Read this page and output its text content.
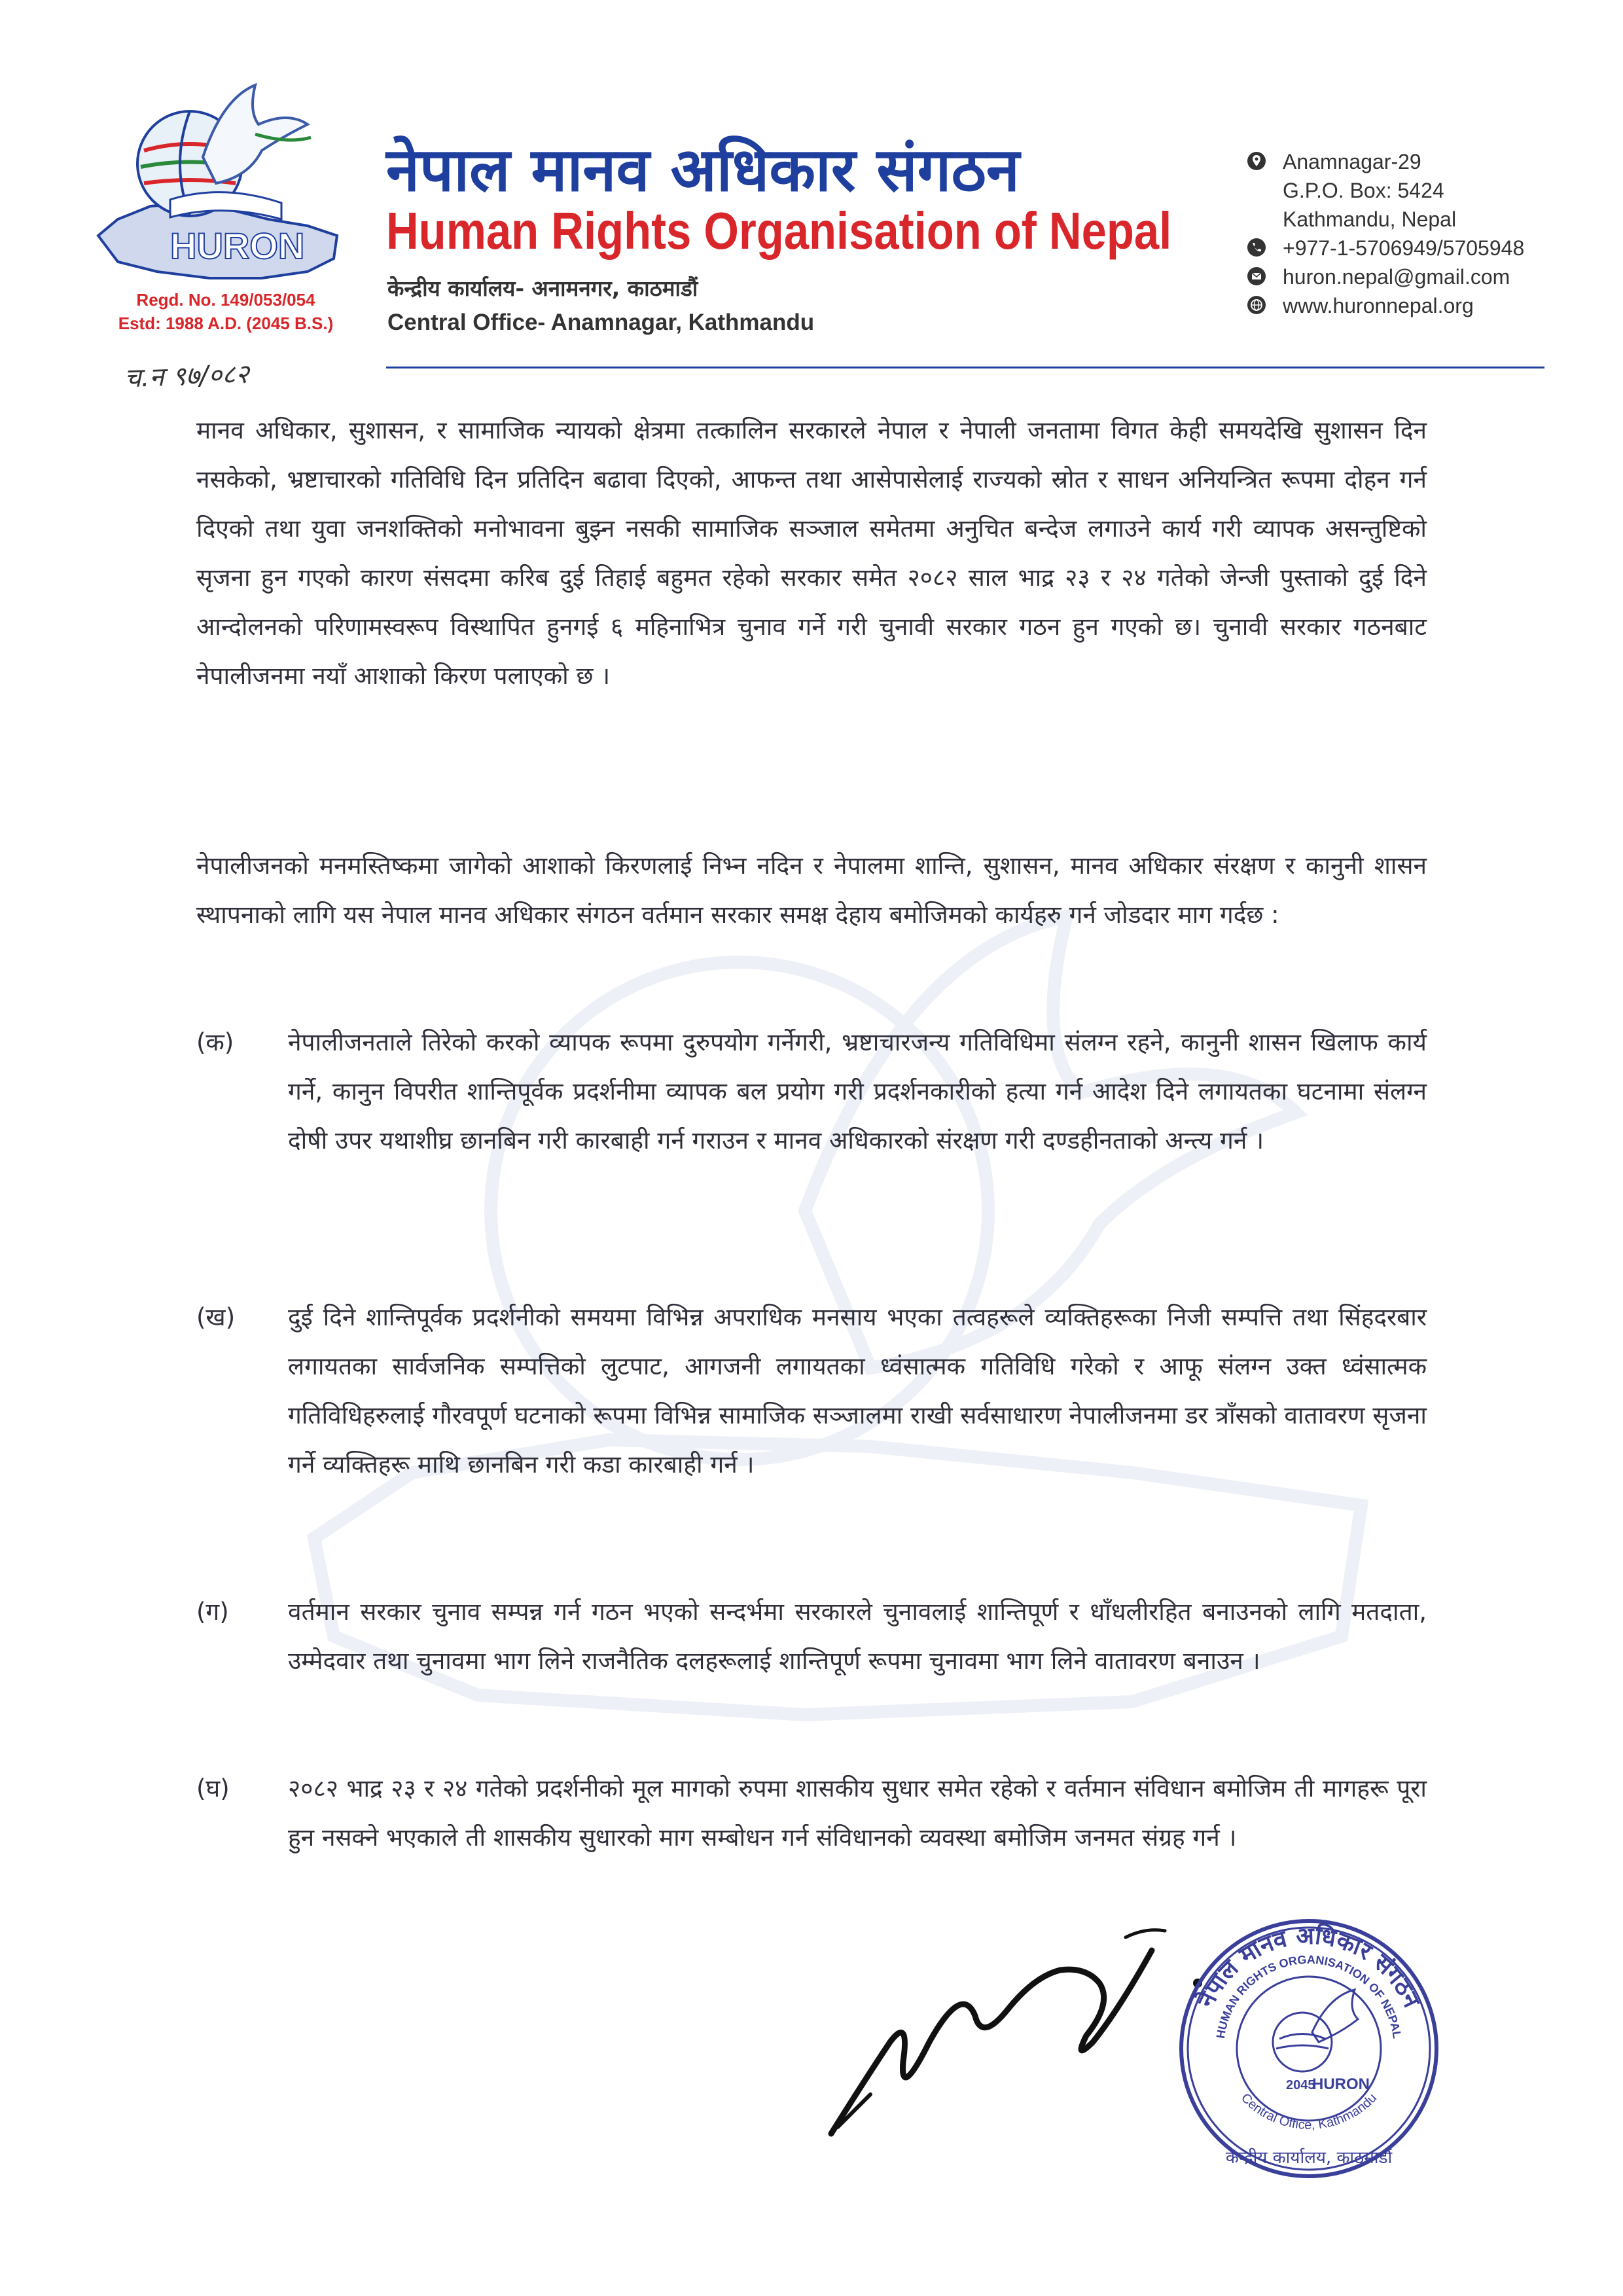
HURON
Regd. No. 149/053/054
Estd: 1988 A.D. (2045 B.S.)
नेपाल मानव अधिकार संगठन
Human Rights Organisation of Nepal
केन्द्रीय कार्यालय- अनामनगर, काठमाडौं
Central Office- Anamnagar, Kathmandu
Anamnagar-29
G.P.O. Box: 5424
Kathmandu, Nepal
+977-1-5706949/5705948
huron.nepal@gmail.com
www.huronnepal.org
च.न ९७/०८२
मानव अधिकार, सुशासन, र सामाजिक न्यायको क्षेत्रमा तत्कालिन सरकारले नेपाल र नेपाली जनतामा विगत केही समयदेखि सुशासन दिन नसकेको, भ्रष्टाचारको गतिविधि दिन प्रतिदिन बढावा दिएको, आफन्त तथा आसेपासेलाई राज्यको स्रोत र साधन अनियन्त्रित रूपमा दोहन गर्न दिएको तथा युवा जनशक्तिको मनोभावना बुझ्न नसकी सामाजिक सञ्जाल समेतमा अनुचित बन्देज लगाउने कार्य गरी व्यापक असन्तुष्टिको सृजना हुन गएको कारण संसदमा करिब दुई तिहाई बहुमत रहेको सरकार समेत २०८२ साल भाद्र २३ र २४ गतेको जेन्जी पुस्ताको दुई दिने आन्दोलनको परिणामस्वरूप विस्थापित हुनगई ६ महिनाभित्र चुनाव गर्ने गरी चुनावी सरकार गठन हुन गएको छ। चुनावी सरकार गठनबाट नेपालीजनमा नयाँ आशाको किरण पलाएको छ ।
नेपालीजनको मनमस्तिष्कमा जागेको आशाको किरणलाई निभ्न नदिन र नेपालमा शान्ति, सुशासन, मानव अधिकार संरक्षण र कानुनी शासन स्थापनाको लागि यस नेपाल मानव अधिकार संगठन वर्तमान सरकार समक्ष देहाय बमोजिमको कार्यहरु गर्न जोडदार माग गर्दछ :
(क) नेपालीजनताले तिरेको करको व्यापक रूपमा दुरुपयोग गर्नेगरी, भ्रष्टाचारजन्य गतिविधिमा संलग्न रहने, कानुनी शासन खिलाफ कार्य गर्ने, कानुन विपरीत शान्तिपूर्वक प्रदर्शनीमा व्यापक बल प्रयोग गरी प्रदर्शनकारीको हत्या गर्न आदेश दिने लगायतका घटनामा संलग्न दोषी उपर यथाशीघ्र छानबिन गरी कारबाही गर्न गराउन र मानव अधिकारको संरक्षण गरी दण्डहीनताको अन्त्य गर्न ।
(ख) दुई दिने शान्तिपूर्वक प्रदर्शनीको समयमा विभिन्न अपराधिक मनसाय भएका तत्वहरूले व्यक्तिहरूका निजी सम्पत्ति तथा सिंहदरबार लगायतका सार्वजनिक सम्पत्तिको लुटपाट, आगजनी लगायतका ध्वंसात्मक गतिविधि गरेको र आफू संलग्न उक्त ध्वंसात्मक गतिविधिहरुलाई गौरवपूर्ण घटनाको रूपमा विभिन्न सामाजिक सञ्जालमा राखी सर्वसाधारण नेपालीजनमा डर त्राँसको वातावरण सृजना गर्ने व्यक्तिहरू माथि छानबिन गरी कडा कारबाही गर्न ।
(ग) वर्तमान सरकार चुनाव सम्पन्न गर्न गठन भएको सन्दर्भमा सरकारले चुनावलाई शान्तिपूर्ण र धाँधलीरहित बनाउनको लागि मतदाता, उम्मेदवार तथा चुनावमा भाग लिने राजनैतिक दलहरूलाई शान्तिपूर्ण रूपमा चुनावमा भाग लिने वातावरण बनाउन ।
(घ) २०८२ भाद्र २३ र २४ गतेको प्रदर्शनीको मूल मागको रुपमा शासकीय सुधार समेत रहेको र वर्तमान संविधान बमोजिम ती मागहरू पूरा हुन नसक्ने भएकाले ती शासकीय सुधारको माग सम्बोधन गर्न संविधानको व्यवस्था बमोजिम जनमत संग्रह गर्न ।
नेपाल मानव अधिकार संगठन
HUMAN RIGHTS ORGANISATION OF NEPAL
Central Office, Kathmandu
2045
HURON
केन्द्रीय कार्यालय, काठमाडौं
